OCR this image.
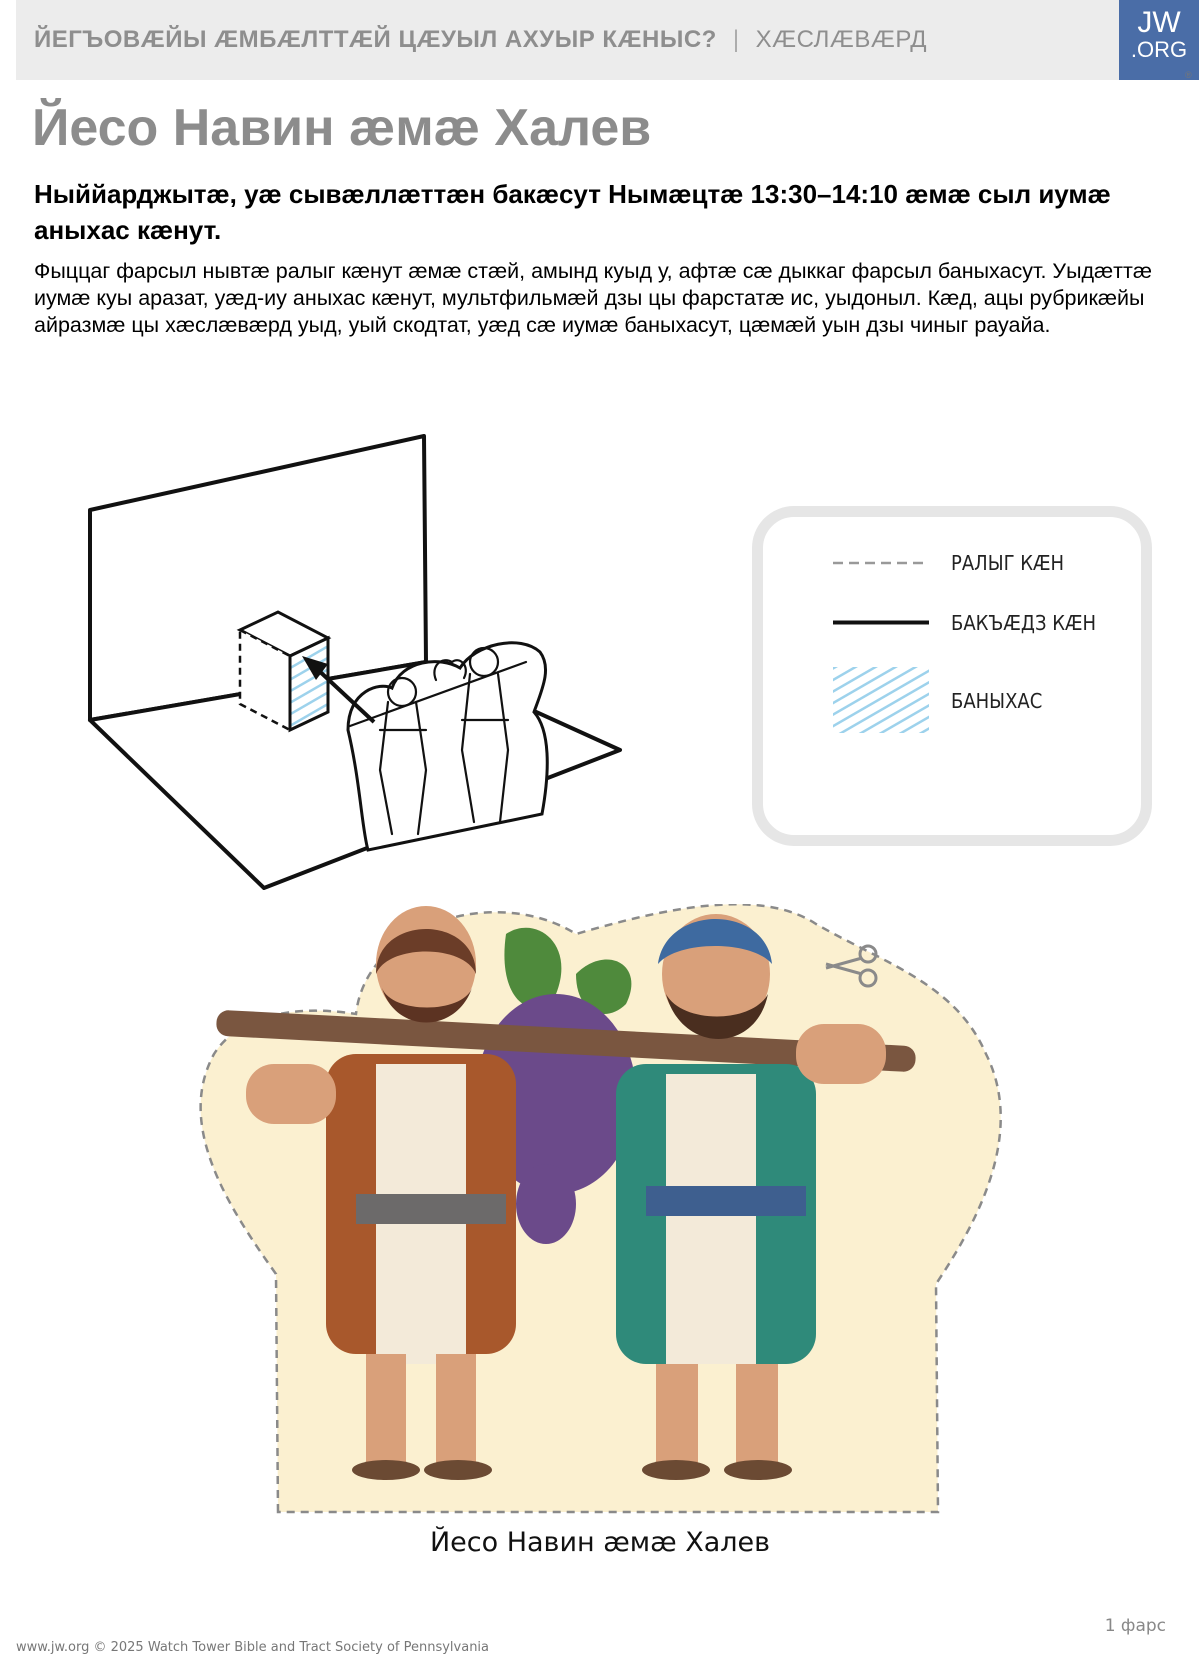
ЙЕГЪОВÆЙЫ ÆМБÆЛТТÆЙ ЦÆУЫЛ АХУЫР КÆНЫС? | ХÆСЛÆВÆРД
JW
.ORG
®
Йесо Навин æмæ Халев

Ныййарджытæ, уæ сывæллæттæн бакæсут Нымæцтæ 13:30–14:10 æмæ сыл иумæ аныхас кæнут.

Фыццаг фарсыл нывтæ ралыг кæнут æмæ стæй, амынд куыд у, афтæ сæ дыккаг фарсыл баныхасут. Уыдæттæ иумæ куы аразат, уæд-иу аныхас кæнут, мультфильмæй дзы цы фарстатæ ис, уыдоныл. Кæд, ацы рубрикæйы айразмæ цы хæслæвæрд уыд, уый скодтат, уæд сæ иумæ баныхасут, цæмæй уын дзы чиныг рауайа.

РАЛЫГ КÆН
БАКЪÆДЗ КÆН
БАНЫХАС
Йесо Навин æмæ Халев
1 фарс
www.jw.org © 2025 Watch Tower Bible and Tract Society of Pennsylvania
